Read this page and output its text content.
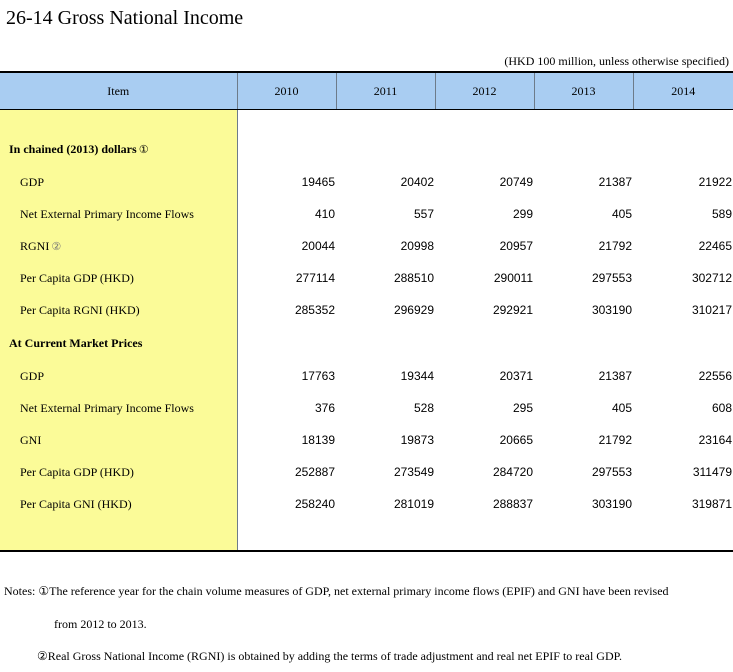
26-14 Gross National Income
(HKD 100 million, unless otherwise specified)
Item	2010	2011	2012	2013	2014

In chained (2013) dollars ①					
GDP	19465	20402	20749	21387	21922
Net External Primary Income Flows	410	557	299	405	589
RGNI ②	20044	20998	20957	21792	22465
Per Capita GDP (HKD)	277114	288510	290011	297553	302712
Per Capita RGNI (HKD)	285352	296929	292921	303190	310217
At Current Market Prices					
GDP	17763	19344	20371	21387	22556
Net External Primary Income Flows	376	528	295	405	608
GNI	18139	19873	20665	21792	23164
Per Capita GDP (HKD)	252887	273549	284720	297553	311479
Per Capita GNI (HKD)	258240	281019	288837	303190	319871

Notes: ①The reference year for the chain volume measures of GDP, net external primary income flows (EPIF) and GNI have been revised
from 2012 to 2013.
②Real Gross National Income (RGNI) is obtained by adding the terms of trade adjustment and real net EPIF to real GDP.
